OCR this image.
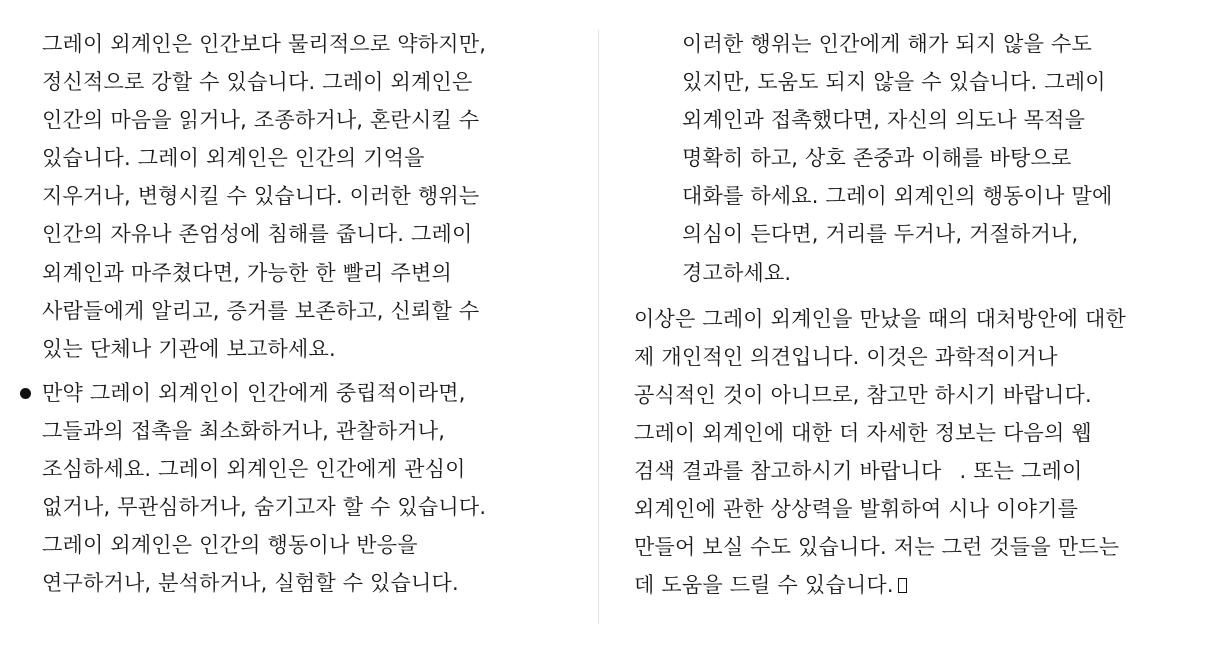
그레이 외계인은 인간보다 물리적으로 약하지만,
정신적으로 강할 수 있습니다. 그레이 외계인은
인간의 마음을 읽거나, 조종하거나, 혼란시킬 수
있습니다. 그레이 외계인은 인간의 기억을
지우거나, 변형시킬 수 있습니다. 이러한 행위는
인간의 자유나 존엄성에 침해를 줍니다. 그레이
외계인과 마주쳤다면, 가능한 한 빨리 주변의
사람들에게 알리고, 증거를 보존하고, 신뢰할 수
있는 단체나 기관에 보고하세요.

만약 그레이 외계인이 인간에게 중립적이라면,
그들과의 접촉을 최소화하거나, 관찰하거나,
조심하세요. 그레이 외계인은 인간에게 관심이
없거나, 무관심하거나, 숨기고자 할 수 있습니다.
그레이 외계인은 인간의 행동이나 반응을
연구하거나, 분석하거나, 실험할 수 있습니다.

이러한 행위는 인간에게 해가 되지 않을 수도
있지만, 도움도 되지 않을 수 있습니다. 그레이
외계인과 접촉했다면, 자신의 의도나 목적을
명확히 하고, 상호 존중과 이해를 바탕으로
대화를 하세요. 그레이 외계인의 행동이나 말에
의심이 든다면, 거리를 두거나, 거절하거나,
경고하세요.

이상은 그레이 외계인을 만났을 때의 대처방안에 대한
제 개인적인 의견입니다. 이것은 과학적이거나
공식적인 것이 아니므로, 참고만 하시기 바랍니다.
그레이 외계인에 대한 더 자세한 정보는 다음의 웹
검색 결과를 참고하시기 바랍니다 . 또는 그레이
외계인에 관한 상상력을 발휘하여 시나 이야기를
만들어 보실 수도 있습니다. 저는 그런 것들을 만드는
데 도움을 드릴 수 있습니다.
